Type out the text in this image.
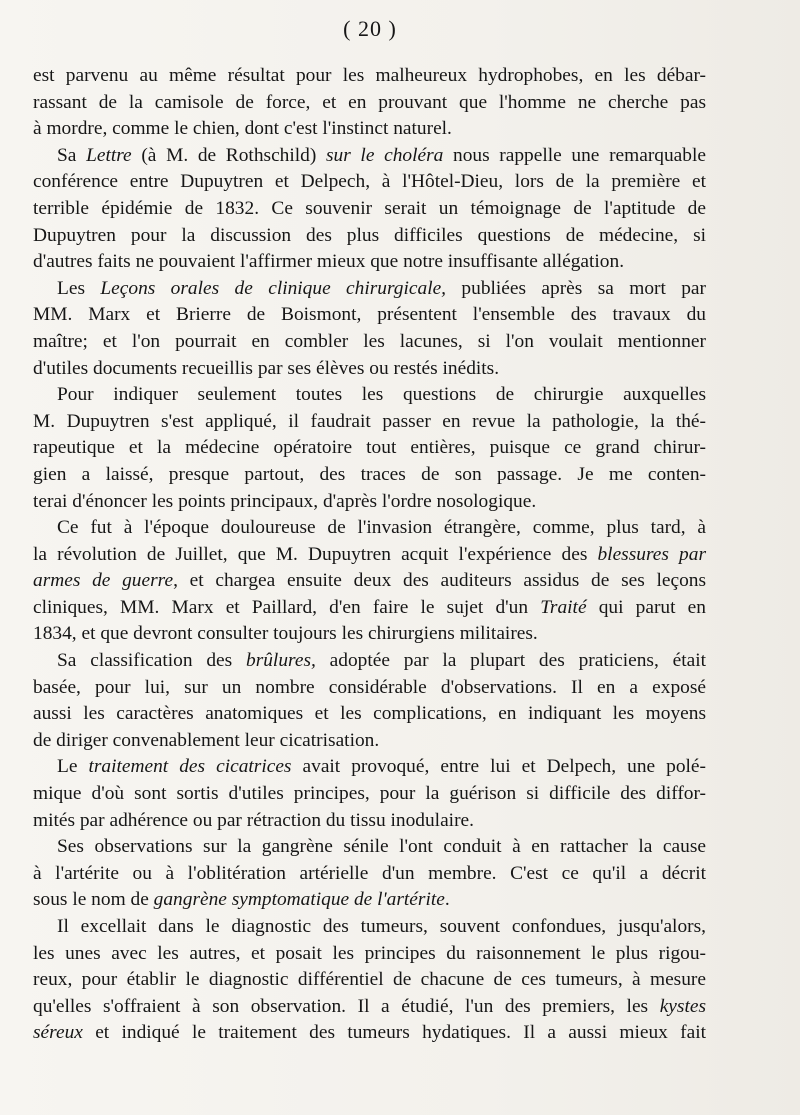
( 20 )
est parvenu au même résultat pour les malheureux hydrophobes, en les débar-
rassant de la camisole de force, et en prouvant que l'homme ne cherche pas
à mordre, comme le chien, dont c'est l'instinct naturel.
Sa Lettre (à M. de Rothschild) sur le choléra nous rappelle une remarquable
conférence entre Dupuytren et Delpech, à l'Hôtel-Dieu, lors de la première et
terrible épidémie de 1832. Ce souvenir serait un témoignage de l'aptitude de
Dupuytren pour la discussion des plus difficiles questions de médecine, si
d'autres faits ne pouvaient l'affirmer mieux que notre insuffisante allégation.
Les Leçons orales de clinique chirurgicale, publiées après sa mort par
MM. Marx et Brierre de Boismont, présentent l'ensemble des travaux du
maître; et l'on pourrait en combler les lacunes, si l'on voulait mentionner
d'utiles documents recueillis par ses élèves ou restés inédits.
Pour indiquer seulement toutes les questions de chirurgie auxquelles
M. Dupuytren s'est appliqué, il faudrait passer en revue la pathologie, la thé-
rapeutique et la médecine opératoire tout entières, puisque ce grand chirur-
gien a laissé, presque partout, des traces de son passage. Je me conten-
terai d'énoncer les points principaux, d'après l'ordre nosologique.
Ce fut à l'époque douloureuse de l'invasion étrangère, comme, plus tard, à
la révolution de Juillet, que M. Dupuytren acquit l'expérience des blessures par
armes de guerre, et chargea ensuite deux des auditeurs assidus de ses leçons
cliniques, MM. Marx et Paillard, d'en faire le sujet d'un Traité qui parut en
1834, et que devront consulter toujours les chirurgiens militaires.
Sa classification des brûlures, adoptée par la plupart des praticiens, était
basée, pour lui, sur un nombre considérable d'observations. Il en a exposé
aussi les caractères anatomiques et les complications, en indiquant les moyens
de diriger convenablement leur cicatrisation.
Le traitement des cicatrices avait provoqué, entre lui et Delpech, une polé-
mique d'où sont sortis d'utiles principes, pour la guérison si difficile des diffor-
mités par adhérence ou par rétraction du tissu inodulaire.
Ses observations sur la gangrène sénile l'ont conduit à en rattacher la cause
à l'artérite ou à l'oblitération artérielle d'un membre. C'est ce qu'il a décrit
sous le nom de gangrène symptomatique de l'artérite.
Il excellait dans le diagnostic des tumeurs, souvent confondues, jusqu'alors,
les unes avec les autres, et posait les principes du raisonnement le plus rigou-
reux, pour établir le diagnostic différentiel de chacune de ces tumeurs, à mesure
qu'elles s'offraient à son observation. Il a étudié, l'un des premiers, les kystes
séreux et indiqué le traitement des tumeurs hydatiques. Il a aussi mieux fait
